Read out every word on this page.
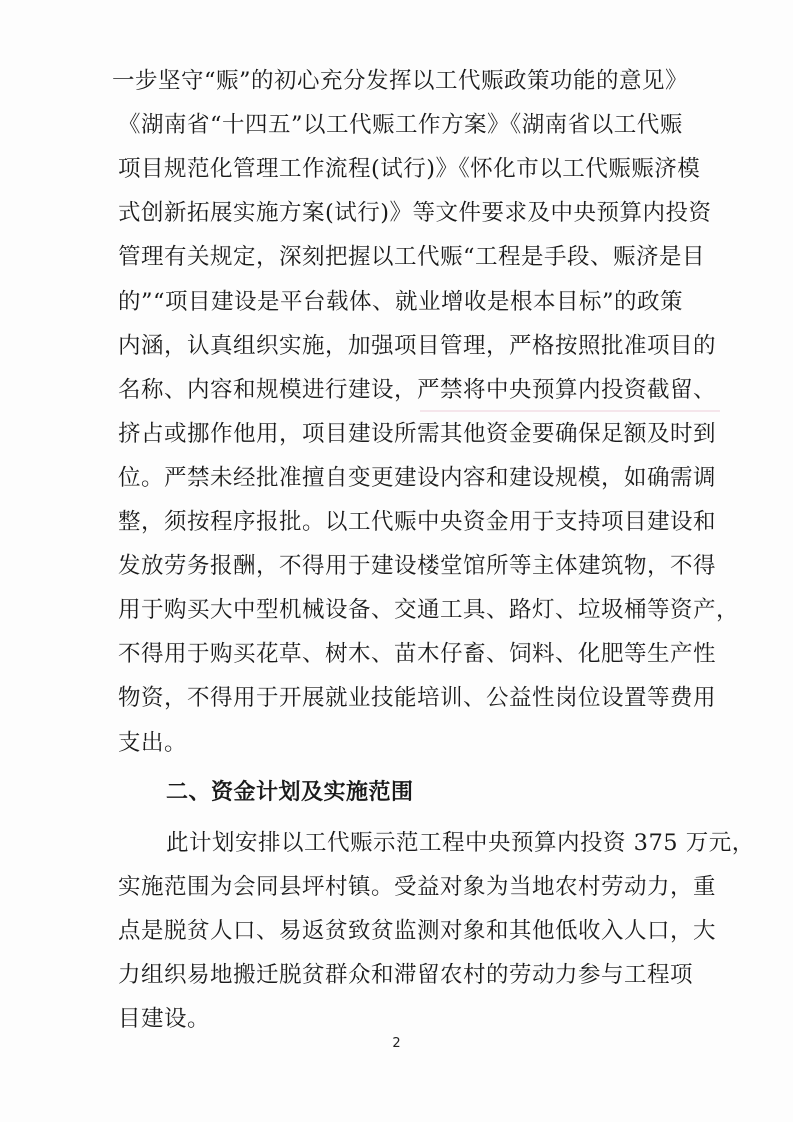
一步坚守“赈”的初心充分发挥以工代赈政策功能的意见》
《湖南省“十四五”以工代赈工作方案》《湖南省以工代赈
项目规范化管理工作流程(试行)》《怀化市以工代赈赈济模
式创新拓展实施方案(试行)》等文件要求及中央预算内投资
管理有关规定，深刻把握以工代赈“工程是手段、赈济是目
的”“项目建设是平台载体、就业增收是根本目标”的政策
内涵，认真组织实施，加强项目管理，严格按照批准项目的
名称、内容和规模进行建设，严禁将中央预算内投资截留、
挤占或挪作他用，项目建设所需其他资金要确保足额及时到
位。严禁未经批准擅自变更建设内容和建设规模，如确需调
整，须按程序报批。以工代赈中央资金用于支持项目建设和
发放劳务报酬，不得用于建设楼堂馆所等主体建筑物，不得
用于购买大中型机械设备、交通工具、路灯、垃圾桶等资产，
不得用于购买花草、树木、苗木仔畜、饲料、化肥等生产性
物资，不得用于开展就业技能培训、公益性岗位设置等费用
支出。
二、资金计划及实施范围
此计划安排以工代赈示范工程中央预算内投资 375 万元，
实施范围为会同县坪村镇。受益对象为当地农村劳动力，重
点是脱贫人口、易返贫致贫监测对象和其他低收入人口，大
2
力组织易地搬迁脱贫群众和滞留农村的劳动力参与工程项
目建设。
